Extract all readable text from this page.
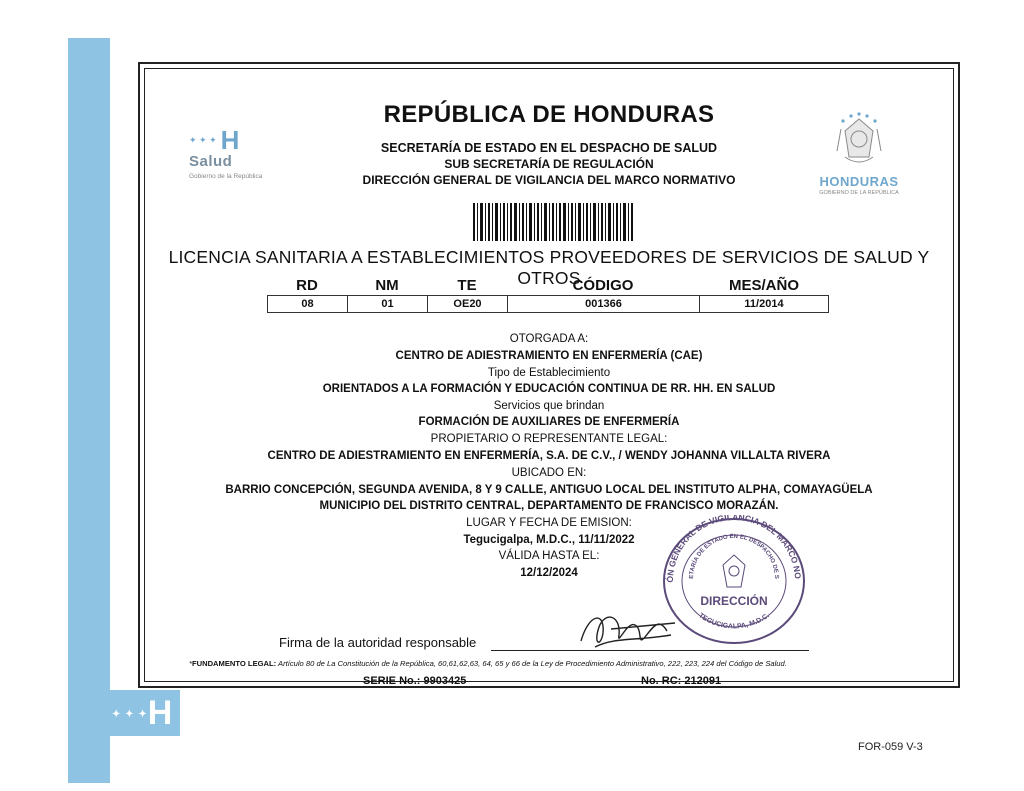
✦ ✦ ✦H
✦ ✦ ✦ H
Salud
Gobierno de la República	HONDURAS
GOBIERNO DE LA REPÚBLICA
REPÚBLICA DE HONDURAS
SECRETARÍA DE ESTADO EN EL DESPACHO DE SALUD
SUB SECRETARÍA DE REGULACIÓN
DIRECCIÓN GENERAL DE VIGILANCIA DEL MARCO NORMATIVO
LICENCIA SANITARIA A ESTABLECIMIENTOS PROVEEDORES DE SERVICIOS DE SALUD Y OTROS
RD	NM	TE	CÓDIGO	MES/AÑO
08	01	OE20	001366	11/2014
OTORGADA A:
CENTRO DE ADIESTRAMIENTO EN ENFERMERÍA (CAE)
Tipo de Establecimiento
ORIENTADOS A LA FORMACIÓN Y EDUCACIÓN CONTINUA DE RR. HH. EN SALUD
Servicios que brindan
FORMACIÓN DE AUXILIARES DE ENFERMERÍA
PROPIETARIO O REPRESENTANTE LEGAL:
CENTRO DE ADIESTRAMIENTO EN ENFERMERÍA, S.A. DE C.V., / WENDY JOHANNA VILLALTA RIVERA
UBICADO EN:
BARRIO CONCEPCIÓN, SEGUNDA AVENIDA, 8 Y 9 CALLE, ANTIGUO LOCAL DEL INSTITUTO ALPHA, COMAYAGÜELA
MUNICIPIO DEL DISTRITO CENTRAL, DEPARTAMENTO DE FRANCISCO MORAZÁN.
LUGAR Y FECHA DE EMISION:
Tegucigalpa, M.D.C., 11/11/2022
VÁLIDA HASTA EL:
12/12/2024
ÓN GENERAL DE VIGILANCIA DEL MARCO NO
ETARÍA DE ESTADO EN EL DESPACHO DE S
DIRECCIÓN
TEGUCIGALPA, M.D.C.
Firma de la autoridad responsable
*FUNDAMENTO LEGAL: Artículo 80 de La Constitución de la República, 60,61,62,63, 64, 65 y 66 de la Ley de Procedimiento Administrativo, 222, 223, 224 del Código de Salud.
SERIE No.: 9903425	No. RC: 212091
FOR-059 V-3
